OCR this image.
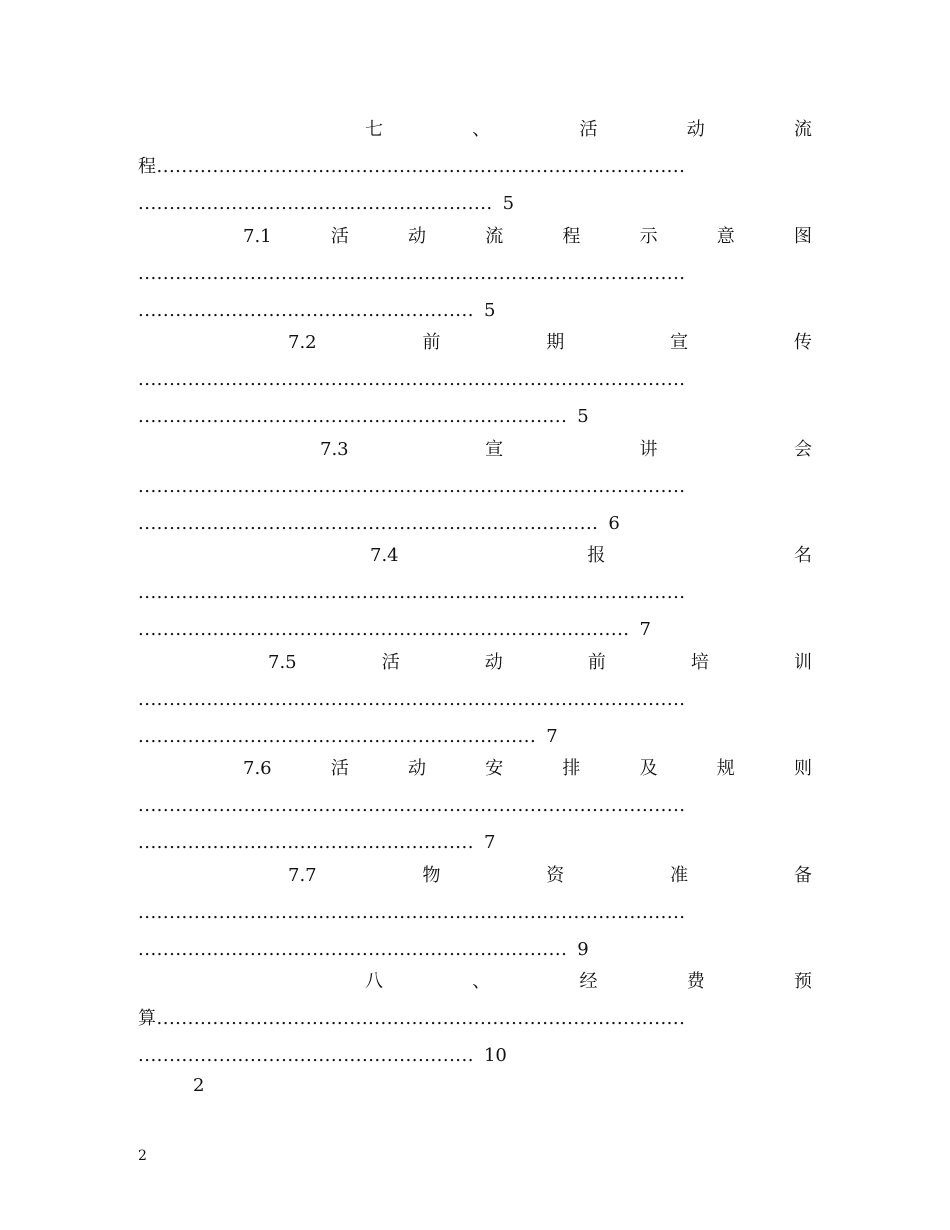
七	、	活	动	流
程.....................................................................................
......................................................... 5
7.1	活	动	流	程	示	意	图
........................................................................................
...................................................... 5
7.2	前	期	宣	传
........................................................................................
..................................................................... 5
7.3	宣	讲	会
........................................................................................
.......................................................................... 6
7.4	报	名
........................................................................................
............................................................................... 7
7.5	活	动	前	培	训
........................................................................................
................................................................ 7
7.6	活	动	安	排	及	规	则
........................................................................................
...................................................... 7
7.7	物	资	准	备
........................................................................................
..................................................................... 9
八	、	经	费	预
算.....................................................................................
...................................................... 10
2
2
